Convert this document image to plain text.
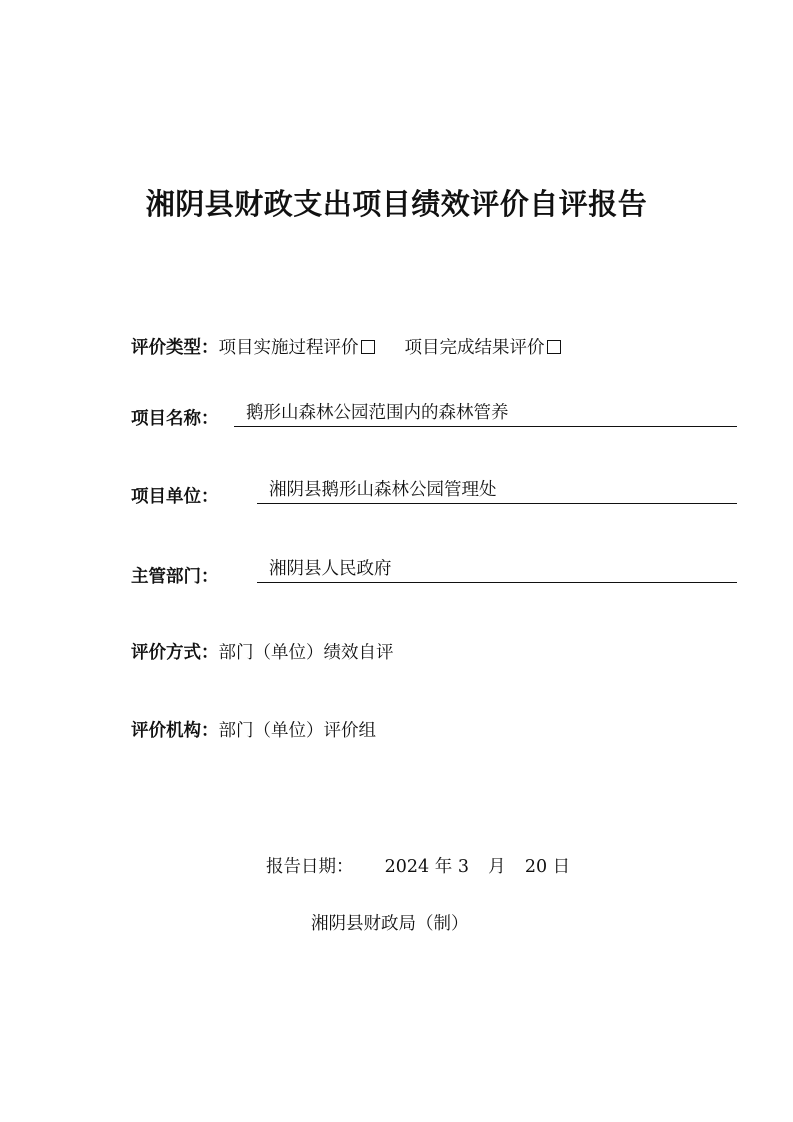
湘阴县财政支出项目绩效评价自评报告
评价类型：项目实施过程评价	项目完成结果评价
项目名称： 鹅形山森林公园范围内的森林管养
项目单位：	湘阴县鹅形山森林公园管理处
主管部门：	湘阴县人民政府
评价方式：部门（单位）绩效自评
评价机构：部门（单位）评价组
报告日期： 2024 年 3 月 20 日
湘阴县财政局（制）
